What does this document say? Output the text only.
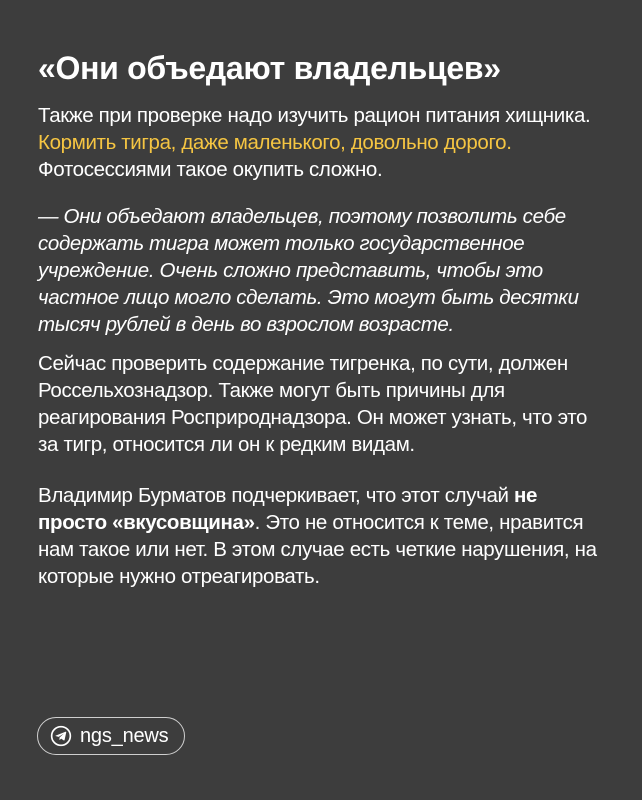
«Они объедают владельцев»

Также при проверке надо изучить рацион питания хищника. Кормить тигра, даже маленького, довольно дорого. Фотосессиями такое окупить сложно.

— Они объедают владельцев, поэтому позволить себе содержать тигра может только государственное учреждение. Очень сложно представить, чтобы это частное лицо могло сделать. Это могут быть десятки тысяч рублей в день во взрослом возрасте.

Сейчас проверить содержание тигренка, по сути, должен Россельхознадзор. Также могут быть причины для реагирования Росприроднадзора. Он может узнать, что это за тигр, относится ли он к редким видам.

Владимир Бурматов подчеркивает, что этот случай не просто «вкусовщина». Это не относится к теме, нравится нам такое или нет. В этом случае есть четкие нарушения, на которые нужно отреагировать.

ngs_news
